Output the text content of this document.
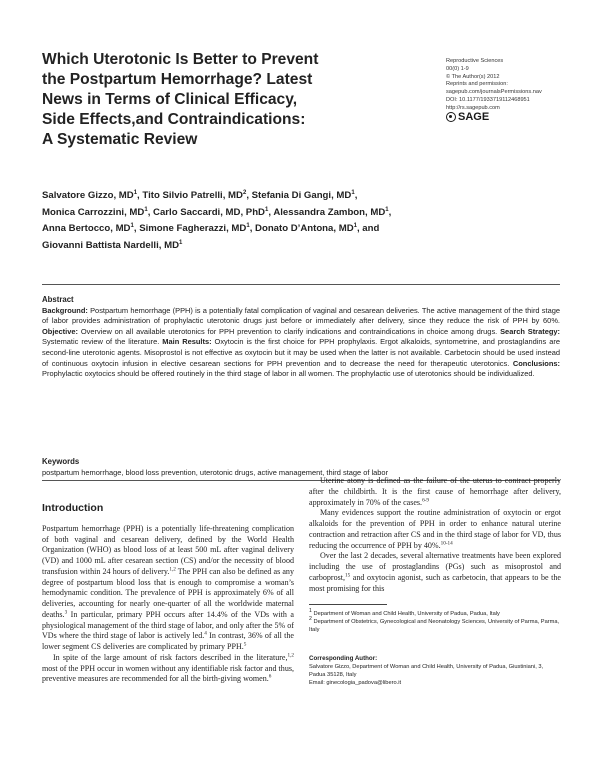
Which Uterotonic Is Better to Prevent
the Postpartum Hemorrhage? Latest
News in Terms of Clinical Efficacy,
Side Effects,and Contraindications:
A Systematic Review
Reproductive Sciences
00(0) 1-9
© The Author(s) 2012
Reprints and permission:
sagepub.com/journalsPermissions.nav
DOI: 10.1177/1933719112468951
http://rs.sagepub.com
SAGE
Salvatore Gizzo, $MD^1$, Tito Silvio Patrelli, $MD^2$, Stefania Di Gangi, $MD^1$,
Monica Carrozzini, $MD^1$, Carlo Saccardi, MD, PhD$^1$, Alessandra Zambon, $MD^1$,
Anna Bertocco, $MD^1$, Simone Fagherazzi, $MD^1$, Donato D’Antona, $MD^1$, and
Giovanni Battista Nardelli, $MD^1$
Abstract
Background: Postpartum hemorrhage (PPH) is a potentially fatal complication of vaginal and cesarean deliveries. The active management of the third stage of labor provides administration of prophylactic uterotonic drugs just before or immediately after delivery, since they reduce the risk of PPH by 60%. Objective: Overview on all available uterotonics for PPH prevention to clarify indications and contraindications in choice among drugs. Search Strategy: Systematic review of the literature. Main Results: Oxytocin is the first choice for PPH prophylaxis. Ergot alkaloids, syntometrine, and prostaglandins are second-line uterotonic agents. Misoprostol is not effective as oxytocin but it may be used when the latter is not available. Carbetocin should be used instead of continuous oxytocin infusion in elective cesarean sections for PPH prevention and to decrease the need for therapeutic uterotonics. Conclusions: Prophylactic oxytocics should be offered routinely in the third stage of labor in all women. The prophylactic use of uterotonics should be individualized.
Keywords
postpartum hemorrhage, blood loss prevention, uterotonic drugs, active management, third stage of labor
Introduction

Postpartum hemorrhage (PPH) is a potentially life-threatening complication of both vaginal and cesarean delivery, defined by the World Health Organization (WHO) as blood loss of at least 500 mL after vaginal delivery (VD) and 1000 mL after cesarean section (CS) and/or the necessity of blood transfusion within 24 hours of delivery.$^{1,2}$ The PPH can also be defined as any degree of postpartum blood loss that is enough to compromise a woman’s hemodynamic condition. The prevalence of PPH is approximately 6% of all deliveries, accounting for nearly one-quarter of all the worldwide maternal deaths.$^3$ In particular, primary PPH occurs after 14.4% of the VDs with a physiological management of the third stage of labor, and only after the 5% of VDs where the third stage of labor is actively led.$^4$ In contrast, 36% of all the lower segment CS deliveries are complicated by primary PPH.$^5$

In spite of the large amount of risk factors described in the literature,$^{1,2}$ most of the PPH occur in women without any identifiable risk factor and thus, preventive measures are recommended for all the birth-giving women.$^6$

Uterine atony is defined as the failure of the uterus to contract properly after the childbirth. It is the first cause of hemorrhage after delivery, approximately in 70% of the cases.$^{6-9}$

Many evidences support the routine administration of oxytocin or ergot alkaloids for the prevention of PPH in order to enhance natural uterine contraction and retraction after CS and in the third stage of labor for VD, thus reducing the occurrence of PPH by 40%.$^{10-14}$

Over the last 2 decades, several alternative treatments have been explored including the use of prostaglandins (PGs) such as misoprostol and carboprost,$^{15}$ and oxytocin agonist, such as carbetocin, that appears to be the most promising for this

$^1$ Department of Woman and Child Health, University of Padua, Padua, Italy
$^2$ Department of Obstetrics, Gynecological and Neonatology Sciences, University of Parma, Parma, Italy
Corresponding Author:
Salvatore Gizzo, Department of Woman and Child Health, University of Padua, Giustiniani, 3, Padua 35128, Italy
Email: ginecologia_padova@libero.it
